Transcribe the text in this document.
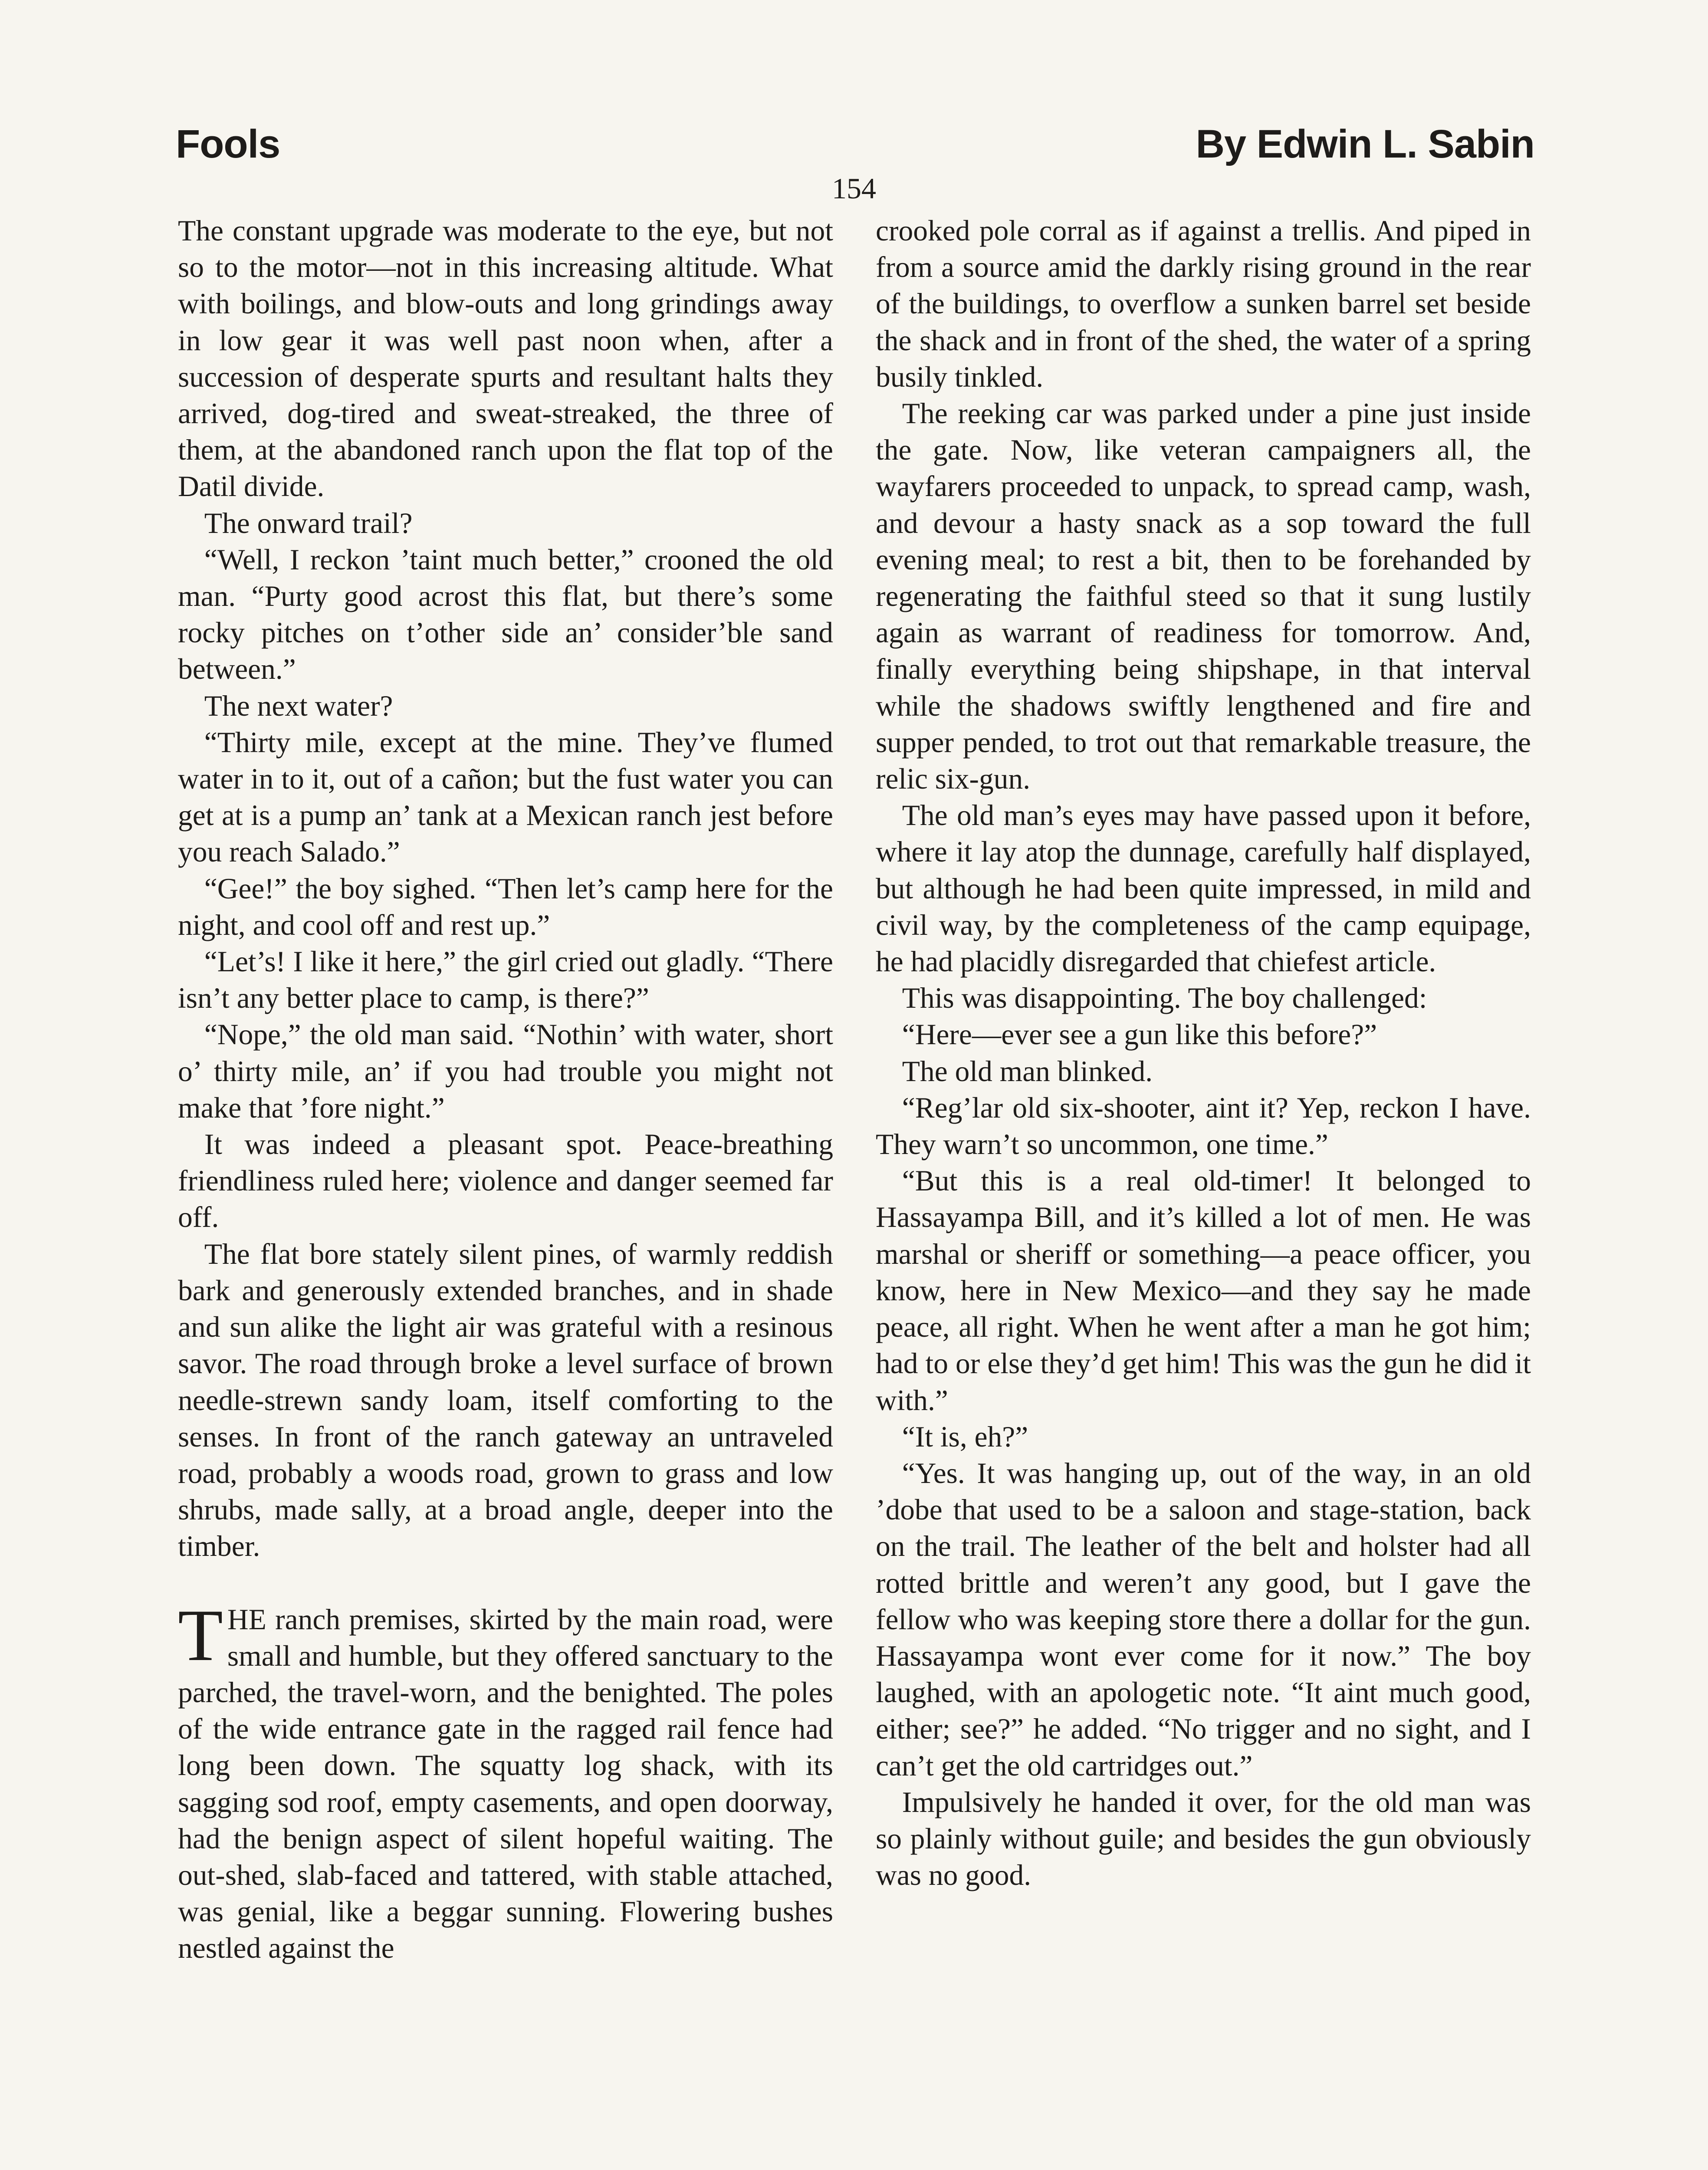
Fools	By Edwin L. Sabin
154

The constant upgrade was moderate to the eye, but not so to the motor—not in this increasing altitude. What with boilings, and blow-outs and long grindings away in low gear it was well past noon when, after a succession of desperate spurts and resultant halts they arrived, dog-tired and sweat-streaked, the three of them, at the abandoned ranch upon the flat top of the Datil divide.

The onward trail?

“Well, I reckon ’taint much better,” crooned the old man. “Purty good acrost this flat, but there’s some rocky pitches on t’other side an’ consider’ble sand between.”

The next water?

“Thirty mile, except at the mine. They’ve flumed water in to it, out of a cañon; but the fust water you can get at is a pump an’ tank at a Mexican ranch jest before you reach Salado.”

“Gee!” the boy sighed. “Then let’s camp here for the night, and cool off and rest up.”

“Let’s! I like it here,” the girl cried out gladly. “There isn’t any better place to camp, is there?”

“Nope,” the old man said. “Nothin’ with water, short o’ thirty mile, an’ if you had trouble you might not make that ’fore night.”

It was indeed a pleasant spot. Peace-breathing friendliness ruled here; violence and danger seemed far off.

The flat bore stately silent pines, of warmly reddish bark and generously extended branches, and in shade and sun alike the light air was grateful with a resinous savor. The road through broke a level surface of brown needle-strewn sandy loam, itself comforting to the senses. In front of the ranch gateway an untraveled road, probably a woods road, grown to grass and low shrubs, made sally, at a broad angle, deeper into the timber.

THE ranch premises, skirted by the main road, were small and humble, but they offered sanctuary to the parched, the travel-worn, and the benighted. The poles of the wide entrance gate in the ragged rail fence had long been down. The squatty log shack, with its sagging sod roof, empty casements, and open doorway, had the benign aspect of silent hopeful waiting. The out-shed, slab-faced and tattered, with stable attached, was genial, like a beggar sunning. Flowering bushes nestled against the

crooked pole corral as if against a trellis. And piped in from a source amid the darkly rising ground in the rear of the buildings, to overflow a sunken barrel set beside the shack and in front of the shed, the water of a spring busily tinkled.

The reeking car was parked under a pine just inside the gate. Now, like veteran campaigners all, the wayfarers proceeded to unpack, to spread camp, wash, and devour a hasty snack as a sop toward the full evening meal; to rest a bit, then to be forehanded by regenerating the faithful steed so that it sung lustily again as warrant of readiness for tomorrow. And, finally everything being shipshape, in that interval while the shadows swiftly lengthened and fire and supper pended, to trot out that remarkable treasure, the relic six-gun.

The old man’s eyes may have passed upon it before, where it lay atop the dunnage, carefully half displayed, but although he had been quite impressed, in mild and civil way, by the completeness of the camp equipage, he had placidly disregarded that chiefest article.

This was disappointing. The boy challenged:

“Here—ever see a gun like this before?”

The old man blinked.

“Reg’lar old six-shooter, aint it? Yep, reckon I have. They warn’t so uncommon, one time.”

“But this is a real old-timer! It belonged to Hassayampa Bill, and it’s killed a lot of men. He was marshal or sheriff or something—a peace officer, you know, here in New Mexico—and they say he made peace, all right. When he went after a man he got him; had to or else they’d get him! This was the gun he did it with.”

“It is, eh?”

“Yes. It was hanging up, out of the way, in an old ’dobe that used to be a saloon and stage-station, back on the trail. The leather of the belt and holster had all rotted brittle and weren’t any good, but I gave the fellow who was keeping store there a dollar for the gun. Hassayampa wont ever come for it now.” The boy laughed, with an apologetic note. “It aint much good, either; see?” he added. “No trigger and no sight, and I can’t get the old cartridges out.”

Impulsively he handed it over, for the old man was so plainly without guile; and besides the gun obviously was no good.
